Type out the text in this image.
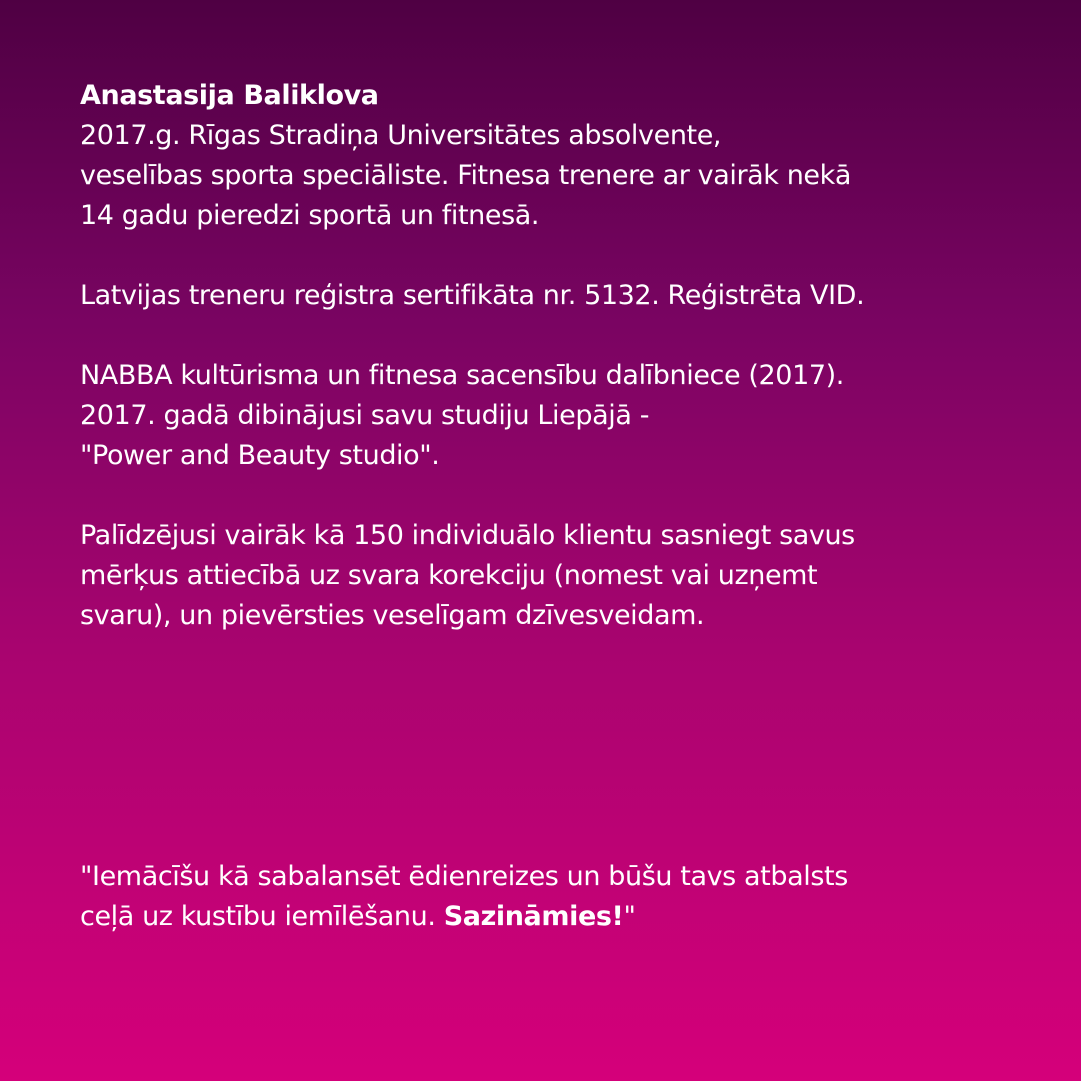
Anastasija Baliklova

2017.g. Rīgas Stradiņa Universitātes absolvente,

veselības sporta speciāliste. Fitnesa trenere ar vairāk nekā

14 gadu pieredzi sportā un fitnesā.

Latvijas treneru reģistra sertifikāta nr. 5132. Reģistrēta VID.

NABBA kultūrisma un fitnesa sacensību dalībniece (2017).

2017. gadā dibinājusi savu studiju Liepājā -

"Power and Beauty studio".

Palīdzējusi vairāk kā 150 individuālo klientu sasniegt savus

mērķus attiecībā uz svara korekciju (nomest vai uzņemt

svaru), un pievērsties veselīgam dzīvesveidam.

"Iemācīšu kā sabalansēt ēdienreizes un būšu tavs atbalsts

ceļā uz kustību iemīlēšanu. Sazināmies!"
